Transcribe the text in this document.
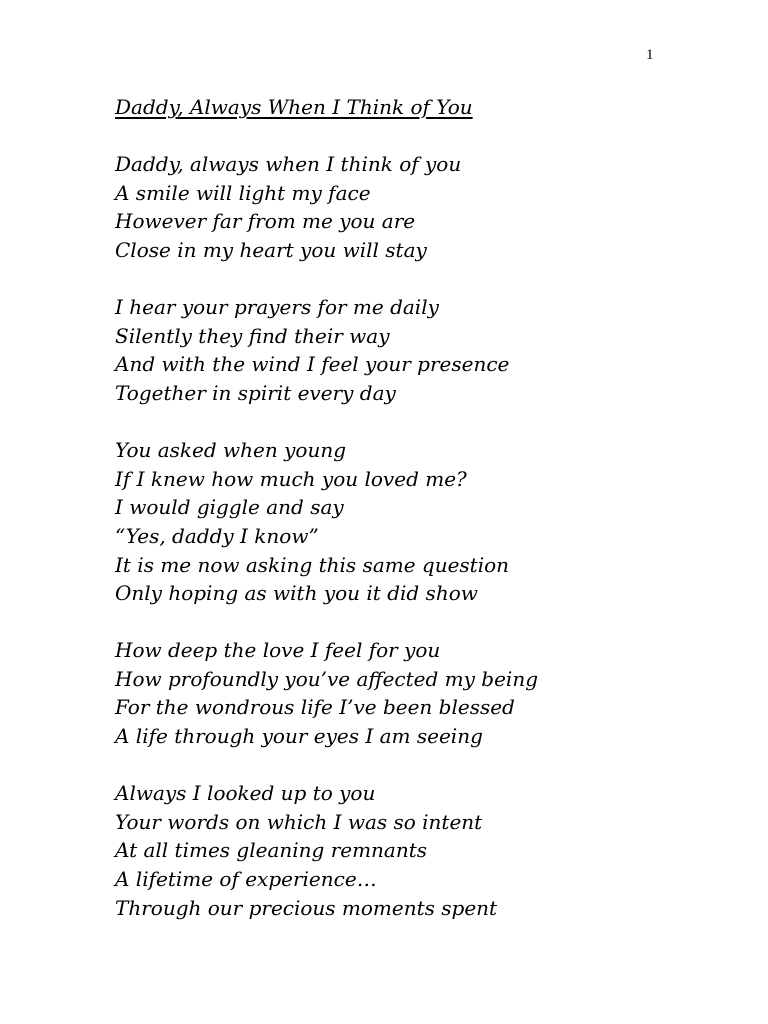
1
Daddy, Always When I Think of You
Daddy, always when I think of you
A smile will light my face
However far from me you are
Close in my heart you will stay
I hear your prayers for me daily
Silently they find their way
And with the wind I feel your presence
Together in spirit every day
You asked when young
If I knew how much you loved me?
I would giggle and say
“Yes, daddy I know”
It is me now asking this same question
Only hoping as with you it did show
How deep the love I feel for you
How profoundly you’ve affected my being
For the wondrous life I’ve been blessed
A life through your eyes I am seeing
Always I looked up to you
Your words on which I was so intent
At all times gleaning remnants
A lifetime of experience…
Through our precious moments spent
